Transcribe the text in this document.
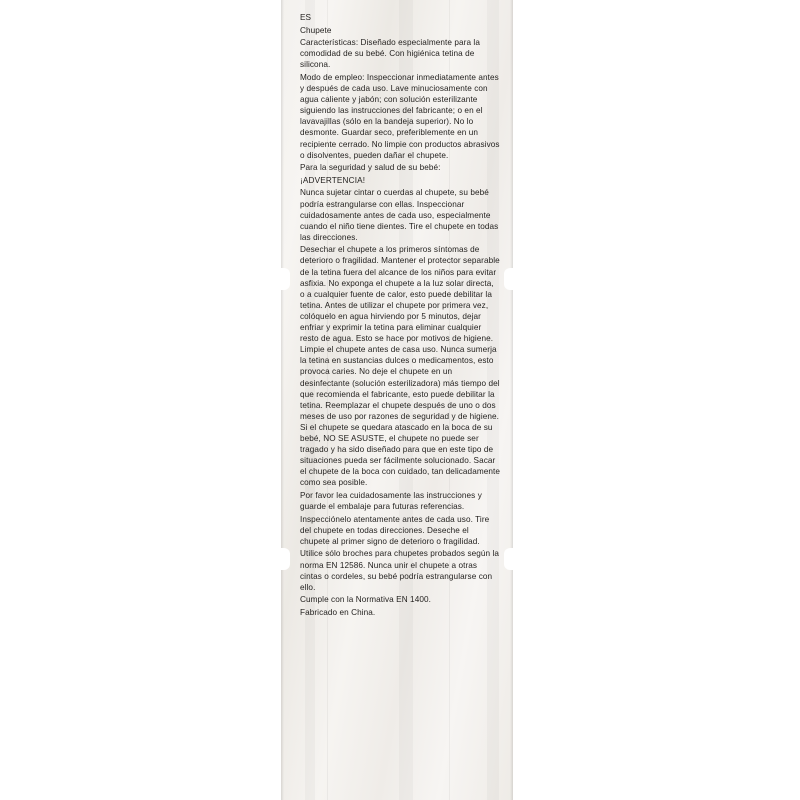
ES

Chupete

Características: Diseñado especialmente para la comodidad de su bebé. Con higiénica tetina de silicona.

Modo de empleo: Inspeccionar inmediatamente antes y después de cada uso. Lave minuciosamente con agua caliente y jabón; con solución esterilizante siguiendo las instrucciones del fabricante; o en el lavavajillas (sólo en la bandeja superior). No lo desmonte. Guardar seco, preferiblemente en un recipiente cerrado. No limpie con productos abrasivos o disolventes, pueden dañar el chupete.

Para la seguridad y salud de su bebé:

¡ADVERTENCIA!

Nunca sujetar cintar o cuerdas al chupete, su bebé podría estrangularse con ellas. Inspeccionar cuidadosamente antes de cada uso, especialmente cuando el niño tiene dientes. Tire el chupete en todas las direcciones.

Desechar el chupete a los primeros síntomas de deterioro o fragilidad. Mantener el protector separable de la tetina fuera del alcance de los niños para evitar asfixia. No exponga el chupete a la luz solar directa, o a cualquier fuente de calor, esto puede debilitar la tetina. Antes de utilizar el chupete por primera vez, colóquelo en agua hirviendo por 5 minutos, dejar enfriar y exprimir la tetina para eliminar cualquier resto de agua. Esto se hace por motivos de higiene. Limpie el chupete antes de casa uso. Nunca sumerja la tetina en sustancias dulces o medicamentos, esto provoca caries. No deje el chupete en un desinfectante (solución esterilizadora) más tiempo del que recomienda el fabricante, esto puede debilitar la tetina. Reemplazar el chupete después de uno o dos meses de uso por razones de seguridad y de higiene. Si el chupete se quedara atascado en la boca de su bebé, NO SE ASUSTE, el chupete no puede ser tragado y ha sido diseñado para que en este tipo de situaciones pueda ser fácilmente solucionado. Sacar el chupete de la boca con cuidado, tan delicadamente como sea posible.

Por favor lea cuidadosamente las instrucciones y guarde el embalaje para futuras referencias.

Inspecciónelo atentamente antes de cada uso. Tire del chupete en todas direcciones. Deseche el chupete al primer signo de deterioro o fragilidad.

Utilice sólo broches para chupetes probados según la norma EN 12586. Nunca unir el chupete a otras cintas o cordeles, su bebé podría estrangularse con ello.

Cumple con la Normativa EN 1400.

Fabricado en China.
